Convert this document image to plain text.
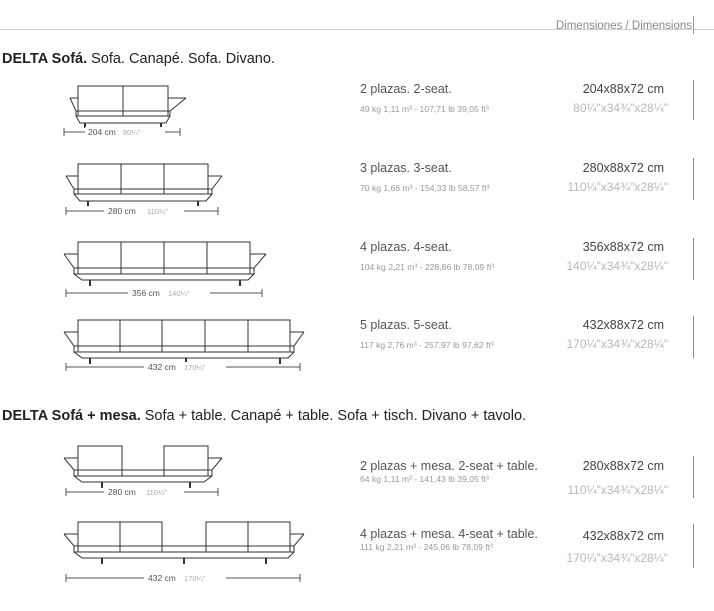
Dimensiones / Dimensions
DELTA Sofá. Sofa. Canapé. Sofa. Divano.
204 cm 80¼"
2 plazas. 2-seat.
49 kg 1,11 m³ - 107,71 lb 39,05 ft³
204x88x72 cm
80¼"x34¾"x28¼"
280 cm 110¼"
3 plazas. 3-seat.
70 kg 1,66 m³ - 154,33 lb 58,57 ft³
280x88x72 cm
110¼"x34¾"x28¼"
356 cm 140¼"
4 plazas. 4-seat.
104 kg 2,21 m³ - 228,86 lb 78,09 ft³
356x88x72 cm
140¼"x34¾"x28¼"
432 cm 170¼"
5 plazas. 5-seat.
117 kg 2,76 m³ - 257,97 lb 97,62 ft³
432x88x72 cm
170¼"x34¾"x28¼"
DELTA Sofá + mesa. Sofa + table. Canapé + table. Sofa + tisch. Divano + tavolo.
280 cm 110¼"
2 plazas + mesa. 2-seat + table.
64 kg 1,11 m³ - 141,43 lb 39,05 ft³
280x88x72 cm
110¼"x34¾"x28¼"
432 cm 170¼"
4 plazas + mesa. 4-seat + table.
111 kg 2,21 m³ - 245,06 lb 78,09 ft³
432x88x72 cm
170¼"x34¾"x28¼"
